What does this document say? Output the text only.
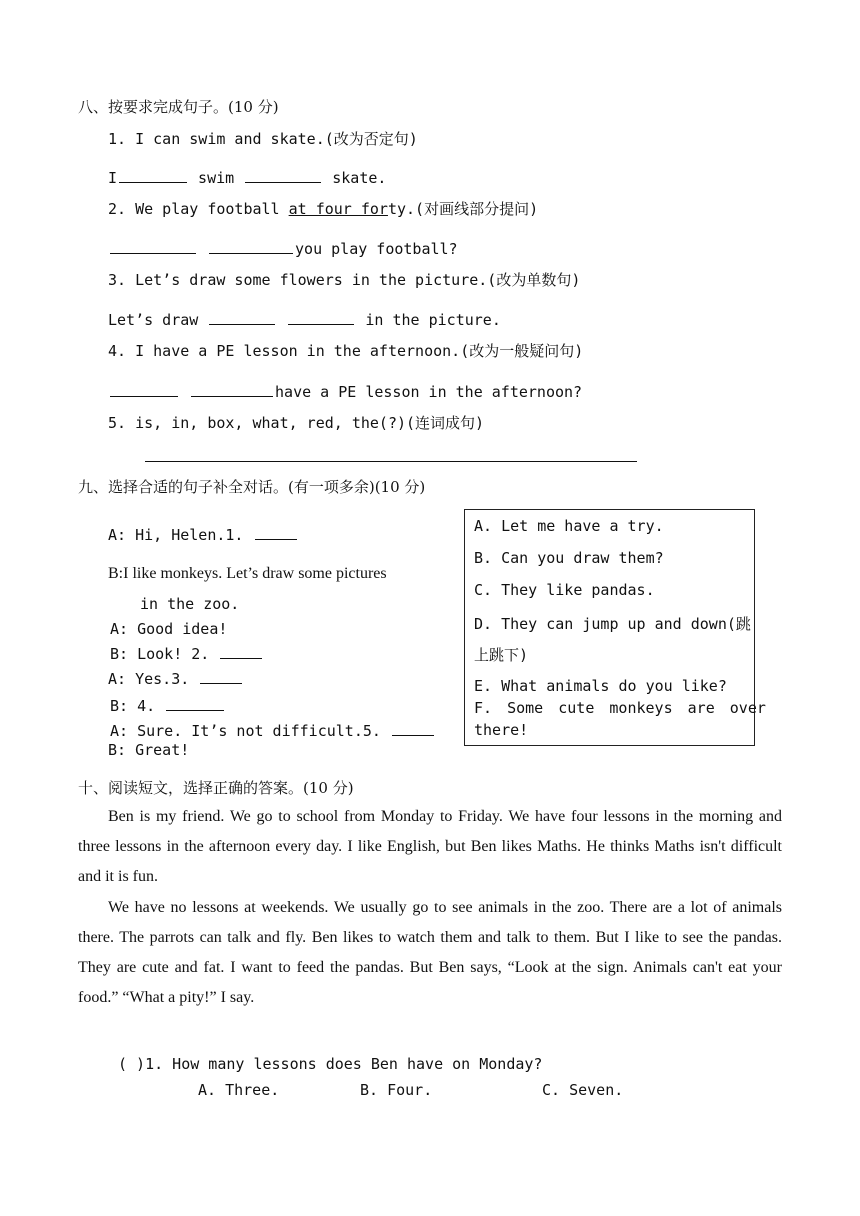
八、按要求完成句子。(10 分)
1. I can swim and skate.(改为否定句)
I	swim	skate.
2. We play football at four forty.(对画线部分提问)
you play football?
3. Let’s draw some flowers in the picture.(改为单数句)
Let’s draw	in the picture.
4. I have a PE lesson in the afternoon.(改为一般疑问句)
have a PE lesson in the afternoon?
5. is, in, box, what, red, the(?)(连词成句)
九、选择合适的句子补全对话。(有一项多余)(10 分)
A: Hi, Helen.1.
B:I like monkeys. Let’s draw some pictures
in the zoo.
A: Good idea!
B: Look! 2.
A: Yes.3.
B: 4.
A: Sure. It’s not difficult.5.
B: Great!
A. Let me have a try.
B. Can you draw them?
C. They like pandas.
D. They can jump up and down(跳
上跳下)
E. What animals do you like?
F. Some cute monkeys are over
there!
十、阅读短文，选择正确的答案。(10 分)
Ben is my friend. We go to school from Monday to Friday. We have four lessons in the morning and three lessons in the afternoon every day. I like English, but Ben likes Maths. He thinks Maths isn't difficult and it is fun.
We have no lessons at weekends. We usually go to see animals in the zoo. There are a lot of animals there. The parrots can talk and fly. Ben likes to watch them and talk to them. But I like to see the pandas. They are cute and fat. I want to feed the pandas. But Ben says, “Look at the sign. Animals can't eat your food.” “What a pity!” I say.
( )1. How many lessons does Ben have on Monday?
A. Three.	B. Four.	C. Seven.
